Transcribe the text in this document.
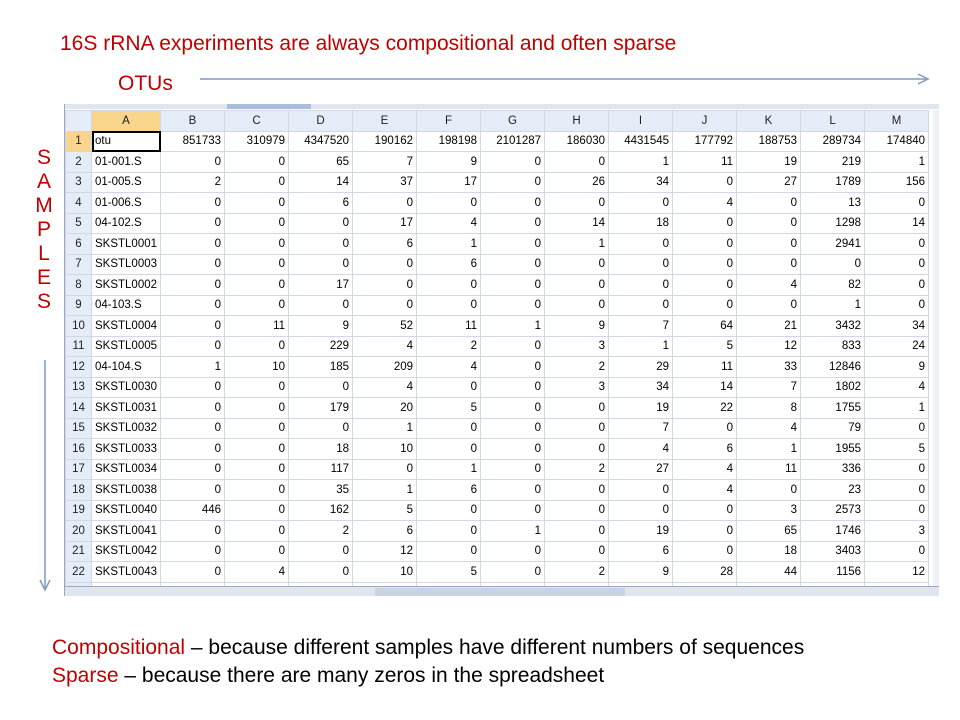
16S rRNA experiments are always compositional and often sparse
OTUs
S
A
M
P
L
E
S
	A	B	C	D	E	F	G	H	I	J	K	L	M
1	otu	851733	310979	4347520	190162	198198	2101287	186030	4431545	177792	188753	289734	174840
2	01-001.S	0	0	65	7	9	0	0	1	11	19	219	1
3	01-005.S	2	0	14	37	17	0	26	34	0	27	1789	156
4	01-006.S	0	0	6	0	0	0	0	0	4	0	13	0
5	04-102.S	0	0	0	17	4	0	14	18	0	0	1298	14
6	SKSTL0001	0	0	0	6	1	0	1	0	0	0	2941	0
7	SKSTL0003	0	0	0	0	6	0	0	0	0	0	0	0
8	SKSTL0002	0	0	17	0	0	0	0	0	0	4	82	0
9	04-103.S	0	0	0	0	0	0	0	0	0	0	1	0
10	SKSTL0004	0	11	9	52	11	1	9	7	64	21	3432	34
11	SKSTL0005	0	0	229	4	2	0	3	1	5	12	833	24
12	04-104.S	1	10	185	209	4	0	2	29	11	33	12846	9
13	SKSTL0030	0	0	0	4	0	0	3	34	14	7	1802	4
14	SKSTL0031	0	0	179	20	5	0	0	19	22	8	1755	1
15	SKSTL0032	0	0	0	1	0	0	0	7	0	4	79	0
16	SKSTL0033	0	0	18	10	0	0	0	4	6	1	1955	5
17	SKSTL0034	0	0	117	0	1	0	2	27	4	11	336	0
18	SKSTL0038	0	0	35	1	6	0	0	0	4	0	23	0
19	SKSTL0040	446	0	162	5	0	0	0	0	0	3	2573	0
20	SKSTL0041	0	0	2	6	0	1	0	19	0	65	1746	3
21	SKSTL0042	0	0	0	12	0	0	0	6	0	18	3403	0
22	SKSTL0043	0	4	0	10	5	0	2	9	28	44	1156	12

Compositional – because different samples have different numbers of sequences
Sparse – because there are many zeros in the spreadsheet
